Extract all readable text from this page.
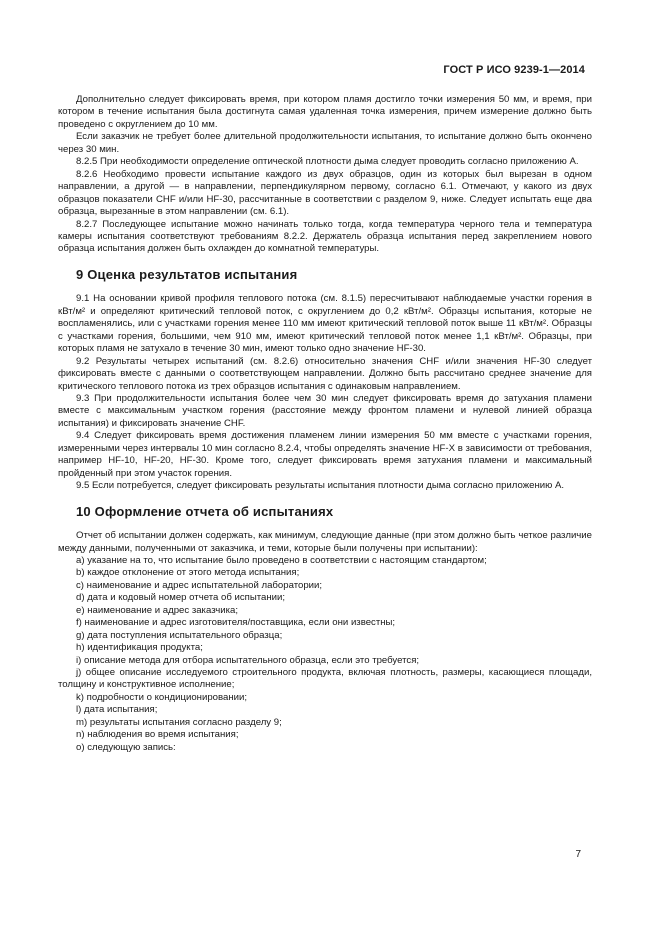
ГОСТ Р ИСО 9239-1—2014

Дополнительно следует фиксировать время, при котором пламя достигло точки измерения 50 мм, и время, при котором в течение испытания была достигнута самая удаленная точка измерения, причем измерение должно быть проведено с округлением до 10 мм.

Если заказчик не требует более длительной продолжительности испытания, то испытание должно быть окончено через 30 мин.

8.2.5 При необходимости определение оптической плотности дыма следует проводить согласно приложению А.

8.2.6 Необходимо провести испытание каждого из двух образцов, один из которых был вырезан в одном направлении, а другой — в направлении, перпендикулярном первому, согласно 6.1. Отмечают, у какого из двух образцов показатели CHF и/или HF-30, рассчитанные в соответствии с разделом 9, ниже. Следует испытать еще два образца, вырезанные в этом направлении (см. 6.1).

8.2.7 Последующее испытание можно начинать только тогда, когда температура черного тела и температура камеры испытания соответствуют требованиям 8.2.2. Держатель образца испытания перед закреплением нового образца испытания должен быть охлажден до комнатной температуры.

9 Оценка результатов испытания

9.1 На основании кривой профиля теплового потока (см. 8.1.5) пересчитывают наблюдаемые участки горения в кВт/м² и определяют критический тепловой поток, с округлением до 0,2 кВт/м². Образцы испытания, которые не воспламенялись, или с участками горения менее 110 мм имеют критический тепловой поток выше 11 кВт/м². Образцы с участками горения, большими, чем 910 мм, имеют критический тепловой поток менее 1,1 кВт/м². Образцы, при которых пламя не затухало в течение 30 мин, имеют только одно значение HF-30.

9.2 Результаты четырех испытаний (см. 8.2.6) относительно значения CHF и/или значения HF-30 следует фиксировать вместе с данными о соответствующем направлении. Должно быть рассчитано среднее значение для критического теплового потока из трех образцов испытания с одинаковым направлением.

9.3 При продолжительности испытания более чем 30 мин следует фиксировать время до затухания пламени вместе с максимальным участком горения (расстояние между фронтом пламени и нулевой линией образца испытания) и фиксировать значение CHF.

9.4 Следует фиксировать время достижения пламенем линии измерения 50 мм вместе с участками горения, измеренными через интервалы 10 мин согласно 8.2.4, чтобы определять значение HF-X в зависимости от требования, например HF-10, HF-20, HF-30. Кроме того, следует фиксировать время затухания пламени и максимальный пройденный при этом участок горения.

9.5 Если потребуется, следует фиксировать результаты испытания плотности дыма согласно приложению А.

10 Оформление отчета об испытаниях

Отчет об испытании должен содержать, как минимум, следующие данные (при этом должно быть четкое различие между данными, полученными от заказчика, и теми, которые были получены при испытании):

a) указание на то, что испытание было проведено в соответствии с настоящим стандартом;

b) каждое отклонение от этого метода испытания;

c) наименование и адрес испытательной лаборатории;

d) дата и кодовый номер отчета об испытании;

e) наименование и адрес заказчика;

f) наименование и адрес изготовителя/поставщика, если они известны;

g) дата поступления испытательного образца;

h) идентификация продукта;

i) описание метода для отбора испытательного образца, если это требуется;

j) общее описание исследуемого строительного продукта, включая плотность, размеры, касающиеся площади, толщину и конструктивное исполнение;

k) подробности о кондиционировании;

l) дата испытания;

m) результаты испытания согласно разделу 9;

n) наблюдения во время испытания;

o) следующую запись:

7
